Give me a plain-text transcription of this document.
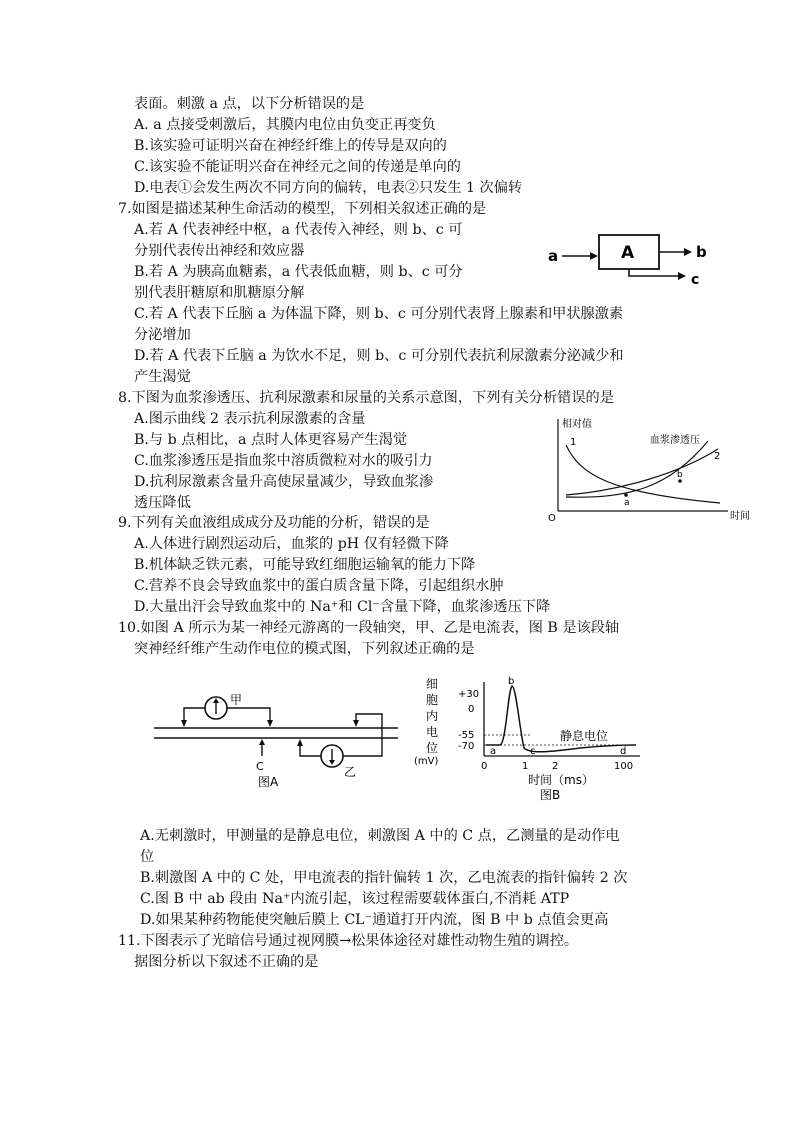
表面。刺激 a 点，以下分析错误的是
A. a 点接受刺激后，其膜内电位由负变正再变负
B.该实验可证明兴奋在神经纤维上的传导是双向的
C.该实验不能证明兴奋在神经元之间的传递是单向的
D.电表①会发生两次不同方向的偏转，电表②只发生 1 次偏转
7.如图是描述某种生命活动的模型，下列相关叙述正确的是
A.若 A 代表神经中枢，a 代表传入神经，则 b、c 可
分别代表传出神经和效应器
B.若 A 为胰高血糖素，a 代表低血糖，则 b、c 可分
别代表肝糖原和肌糖原分解
C.若 A 代表下丘脑 a 为体温下降，则 b、c 可分别代表肾上腺素和甲状腺激素
分泌增加
D.若 A 代表下丘脑 a 为饮水不足，则 b、c 可分别代表抗利尿激素分泌减少和
产生渴觉
a	A	b
c
8.下图为血浆渗透压、抗利尿激素和尿量的关系示意图，下列有关分析错误的是
A.图示曲线 2 表示抗利尿激素的含量
B.与 b 点相比，a 点时人体更容易产生渴觉
C.血浆渗透压是指血浆中溶质微粒对水的吸引力
D.抗利尿激素含量升高使尿量减少，导致血浆渗
透压降低
相对值
时间
O
1
2
血浆渗透压
a
b
9.下列有关血液组成成分及功能的分析，错误的是
A.人体进行剧烈运动后，血浆的 pH 仅有轻微下降
B.机体缺乏铁元素，可能导致红细胞运输氧的能力下降
C.营养不良会导致血浆中的蛋白质含量下降，引起组织水肿
D.大量出汗会导致血浆中的 Na⁺和 Cl⁻含量下降，血浆渗透压下降
10.如图 A 所示为某一神经元游离的一段轴突，甲、乙是电流表，图 B 是该段轴
突神经纤维产生动作电位的模式图，下列叙述正确的是
甲
乙
C
图A
细
胞
内
电
位
(mV)
+30
0
-55
-70 a
b
c	d
静息电位
0	1 2	100
时间（ms）
图B
A.无刺激时，甲测量的是静息电位，刺激图 A 中的 C 点，乙测量的是动作电
位
B.刺激图 A 中的 C 处，甲电流表的指针偏转 1 次，乙电流表的指针偏转 2 次
C.图 B 中 ab 段由 Na⁺内流引起，该过程需要载体蛋白,不消耗 ATP
D.如果某种药物能使突触后膜上 CL⁻通道打开内流，图 B 中 b 点值会更高
11.下图表示了光暗信号通过视网膜→松果体途径对雄性动物生殖的调控。
据图分析以下叙述不正确的是
